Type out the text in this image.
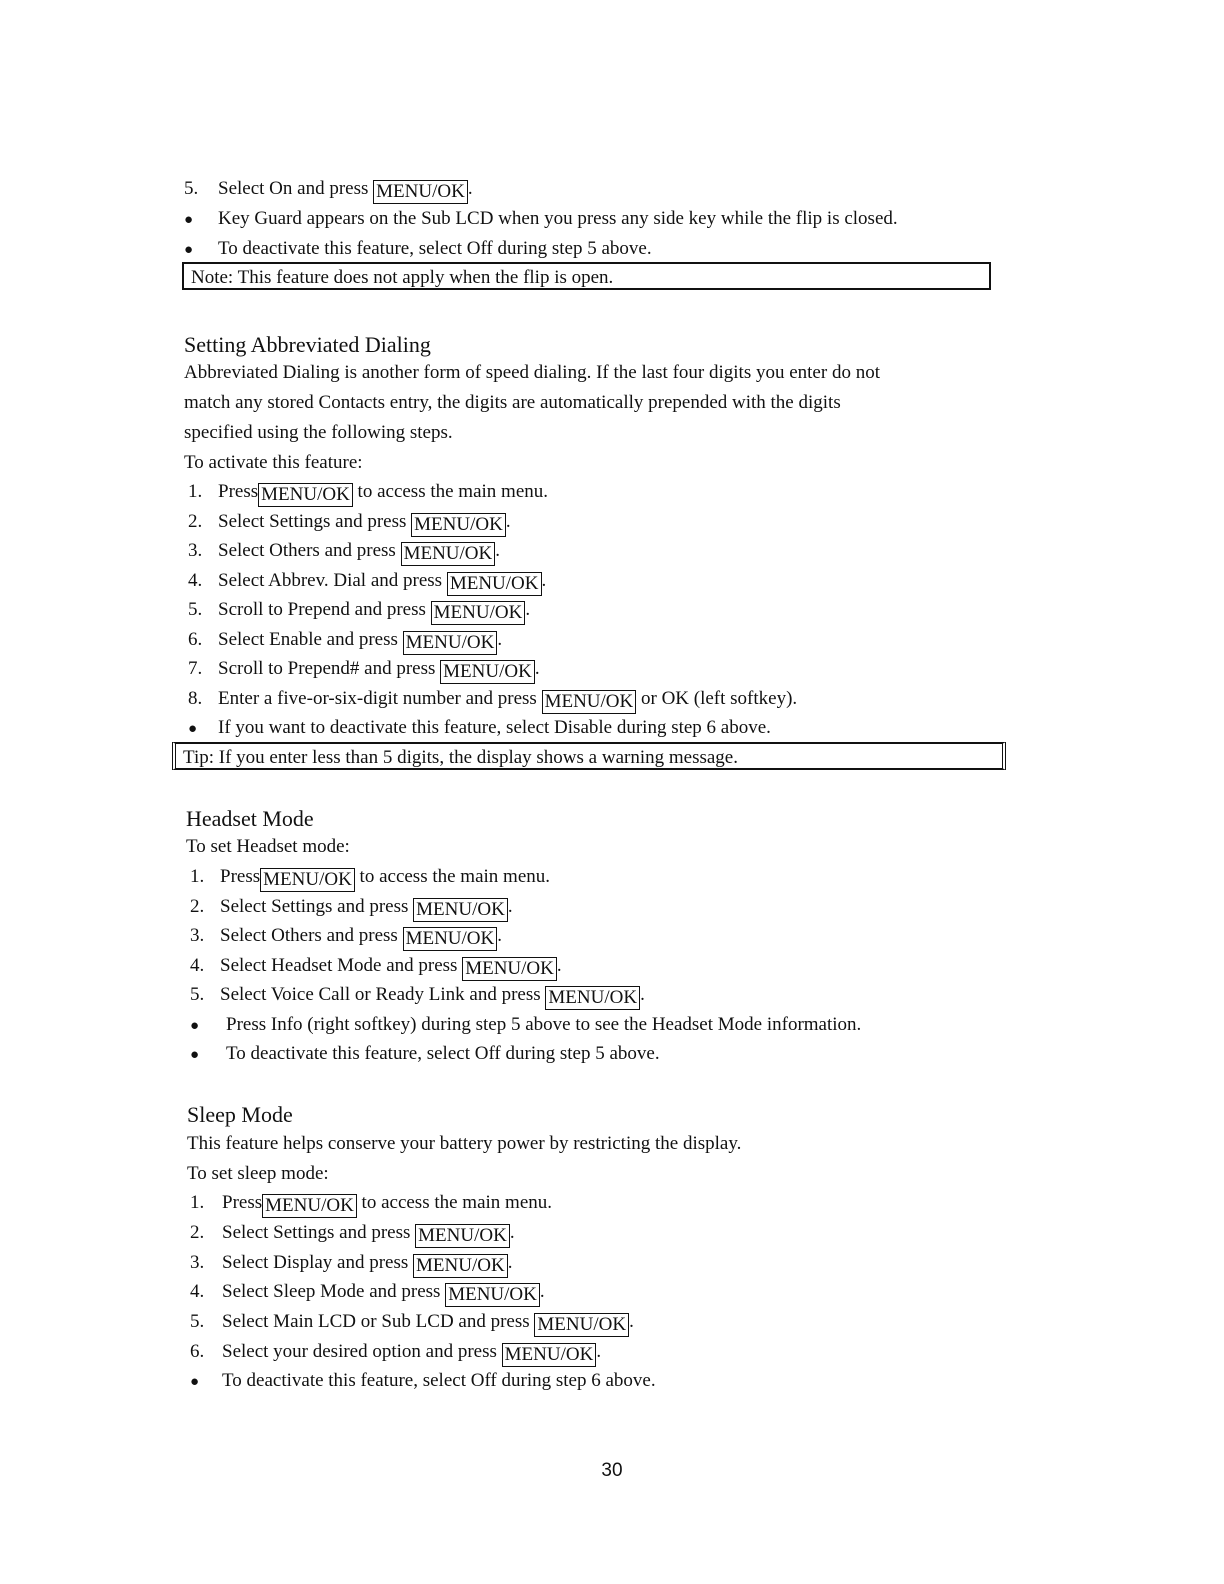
5. Select On and press MENU/OK .
● Key Guard appears on the Sub LCD when you press any side key while the flip is closed.
● To deactivate this feature, select Off during step 5 above.
Note: This feature does not apply when the flip is open.
Setting Abbreviated Dialing
Abbreviated Dialing is another form of speed dialing. If the last four digits you enter do not
match any stored Contacts entry, the digits are automatically prepended with the digits
specified using the following steps.
To activate this feature:
1. Press MENU/OK to access the main menu.
2. Select Settings and press MENU/OK .
3. Select Others and press MENU/OK .
4. Select Abbrev. Dial and press MENU/OK .
5. Scroll to Prepend and press MENU/OK .
6. Select Enable and press MENU/OK .
7. Scroll to Prepend# and press MENU/OK .
8. Enter a five-or-six-digit number and press MENU/OK or OK (left softkey).
● If you want to deactivate this feature, select Disable during step 6 above.
Tip: If you enter less than 5 digits, the display shows a warning message.
Headset Mode
To set Headset mode:
1. Press MENU/OK to access the main menu.
2. Select Settings and press MENU/OK .
3. Select Others and press MENU/OK .
4. Select Headset Mode and press MENU/OK .
5. Select Voice Call or Ready Link and press MENU/OK .
● Press Info (right softkey) during step 5 above to see the Headset Mode information.
● To deactivate this feature, select Off during step 5 above.
Sleep Mode
This feature helps conserve your battery power by restricting the display.
To set sleep mode:
1. Press MENU/OK to access the main menu.
2. Select Settings and press MENU/OK .
3. Select Display and press MENU/OK .
4. Select Sleep Mode and press MENU/OK .
5. Select Main LCD or Sub LCD and press MENU/OK .
6. Select your desired option and press MENU/OK .
● To deactivate this feature, select Off during step 6 above.
30
